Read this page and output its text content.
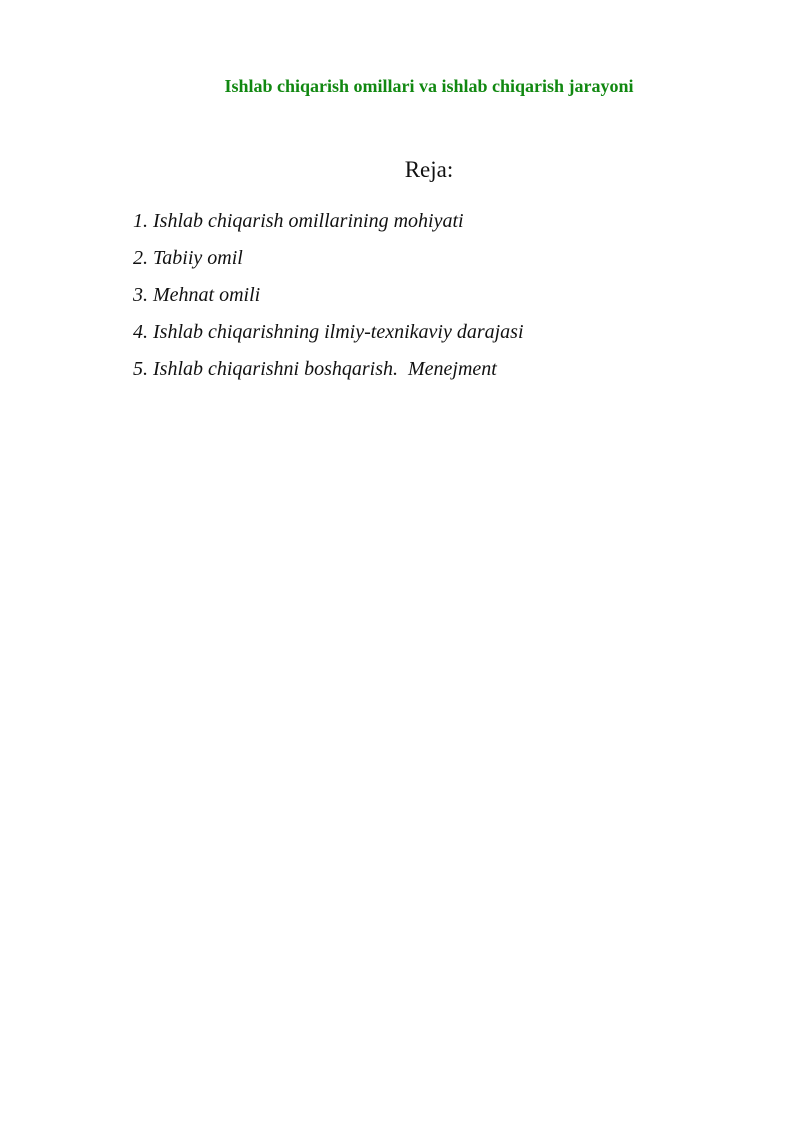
Ishlab chiqarish omillari va ishlab chiqarish jarayoni
Reja:
1. Ishlab chiqarish omillarining mohiyati
2. Tabiiy omil
3. Mehnat omili
4. Ishlab chiqarishning ilmiy-texnikaviy darajasi
5. Ishlab chiqarishni boshqarish.  Menejment
